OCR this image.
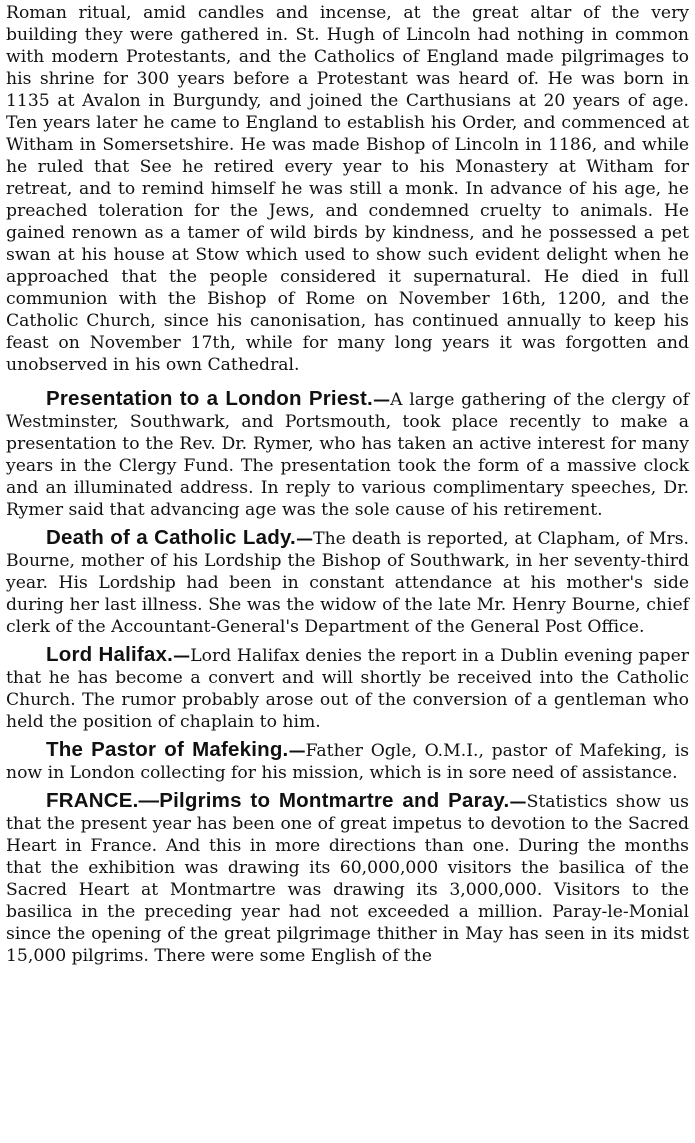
Roman ritual, amid candles and incense, at the great altar of the very building they were gathered in. St. Hugh of Lincoln had nothing in common with modern Protestants, and the Catholics of England made pilgrimages to his shrine for 300 years before a Protestant was heard of. He was born in 1135 at Avalon in Burgundy, and joined the Carthusians at 20 years of age. Ten years later he came to England to establish his Order, and commenced at Witham in Somersetshire. He was made Bishop of Lincoln in 1186, and while he ruled that See he retired every year to his Monastery at Witham for retreat, and to remind himself he was still a monk. In advance of his age, he preached toleration for the Jews, and condemned cruelty to animals. He gained renown as a tamer of wild birds by kindness, and he possessed a pet swan at his house at Stow which used to show such evident delight when he approached that the people considered it supernatural. He died in full communion with the Bishop of Rome on November 16th, 1200, and the Catholic Church, since his canonisation, has continued annually to keep his feast on November 17th, while for many long years it was forgotten and unobserved in his own Cathedral.

Presentation to a London Priest.—A large gathering of the clergy of Westminster, Southwark, and Portsmouth, took place recently to make a presentation to the Rev. Dr. Rymer, who has taken an active interest for many years in the Clergy Fund. The presentation took the form of a massive clock and an illuminated address. In reply to various complimentary speeches, Dr. Rymer said that advancing age was the sole cause of his retirement.

Death of a Catholic Lady.—The death is reported, at Clapham, of Mrs. Bourne, mother of his Lordship the Bishop of Southwark, in her seventy-third year. His Lordship had been in constant attendance at his mother's side during her last illness. She was the widow of the late Mr. Henry Bourne, chief clerk of the Accountant-General's Department of the General Post Office.

Lord Halifax.—Lord Halifax denies the report in a Dublin evening paper that he has become a convert and will shortly be received into the Catholic Church. The rumor probably arose out of the conversion of a gentleman who held the position of chaplain to him.

The Pastor of Mafeking.—Father Ogle, O.M.I., pastor of Mafeking, is now in London collecting for his mission, which is in sore need of assistance.

FRANCE.—Pilgrims to Montmartre and Paray.—Statistics show us that the present year has been one of great impetus to devotion to the Sacred Heart in France. And this in more directions than one. During the months that the exhibition was drawing its 60,000,000 visitors the basilica of the Sacred Heart at Montmartre was drawing its 3,000,000. Visitors to the basilica in the preceding year had not exceeded a million. Paray-le-Monial since the opening of the great pilgrimage thither in May has seen in its midst 15,000 pilgrims. There were some English of the
